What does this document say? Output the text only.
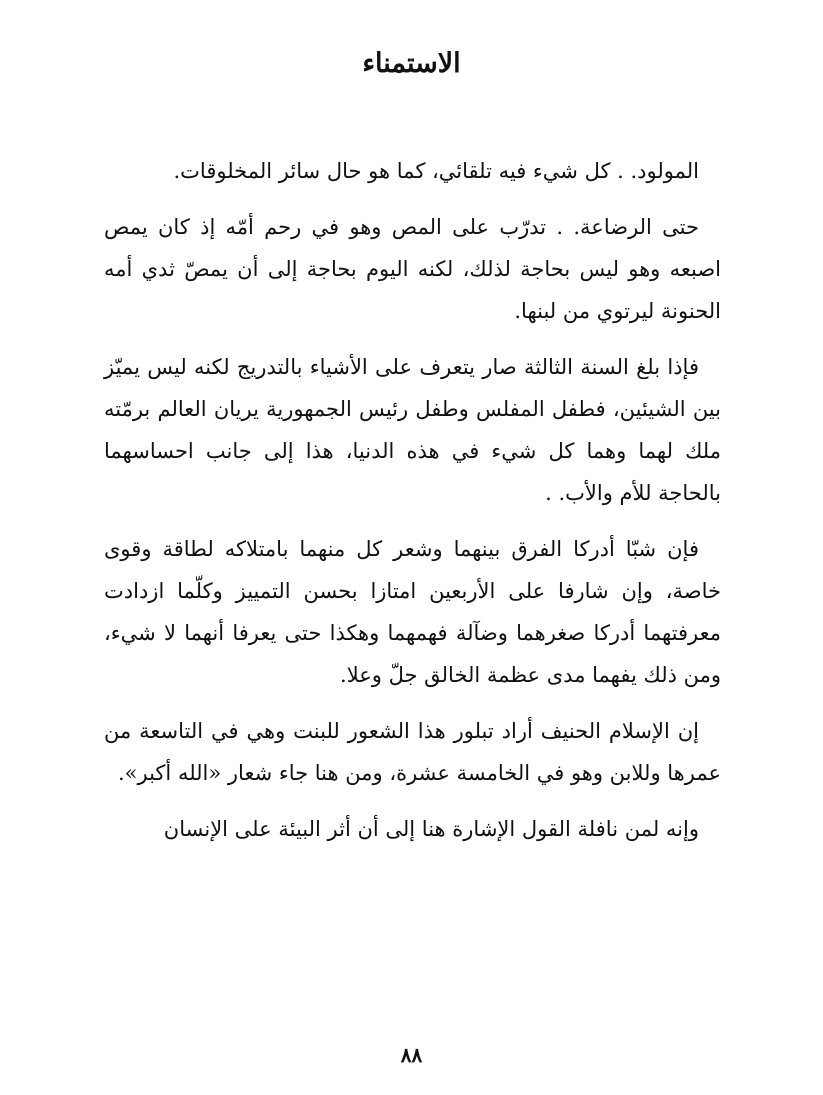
الاستمناء

المولود. . كل شيء فيه تلقائي، كما هو حال سائر المخلوقات.

حتى الرضاعة. . تدرّب على المص وهو في رحم أمّه إذ كان يمص اصبعه وهو ليس بحاجة لذلك، لكنه اليوم بحاجة إلى أن يمصّ ثدي أمه الحنونة ليرتوي من لبنها.

فإذا بلغ السنة الثالثة صار يتعرف على الأشياء بالتدريج لكنه ليس يميّز بين الشيئين، فطفل المفلس وطفل رئيس الجمهورية يريان العالم برمّته ملك لهما وهما كل شيء في هذه الدنيا، هذا إلى جانب احساسهما بالحاجة للأم والأب. .

فإن شبّا أدركا الفرق بينهما وشعر كل منهما بامتلاكه لطاقة وقوى خاصة، وإن شارفا على الأربعين امتازا بحسن التمييز وكلّما ازدادت معرفتهما أدركا صغرهما وضآلة فهمهما وهكذا حتى يعرفا أنهما لا شيء، ومن ذلك يفهما مدى عظمة الخالق جلّ وعلا.

إن الإسلام الحنيف أراد تبلور هذا الشعور للبنت وهي في التاسعة من عمرها وللابن وهو في الخامسة عشرة، ومن هنا جاء شعار «الله أكبر».

وإنه لمن نافلة القول الإشارة هنا إلى أن أثر البيئة على الإنسان

٨٨
